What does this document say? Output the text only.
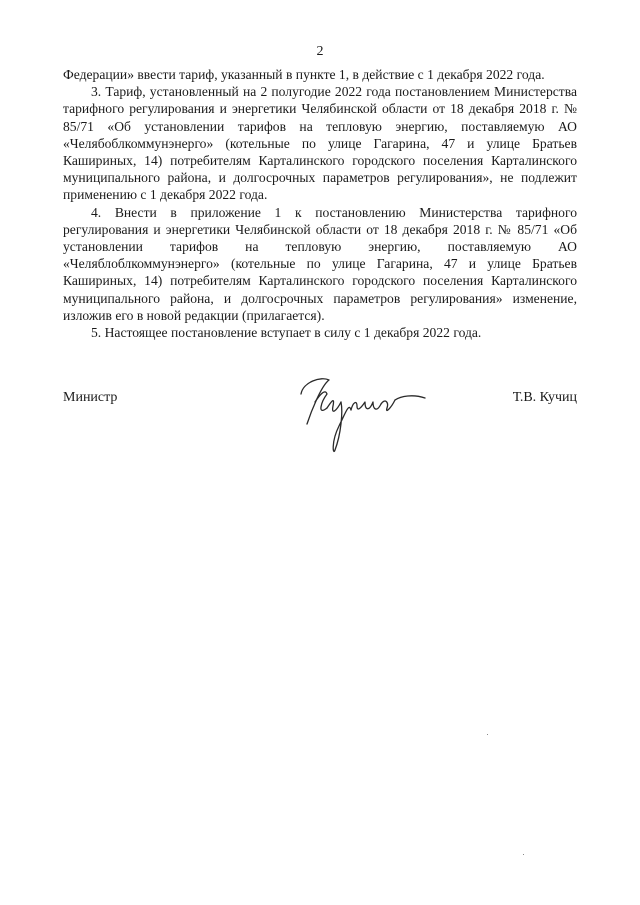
2

Федерации» ввести тариф, указанный в пункте 1, в действие с 1 декабря 2022 года.

3. Тариф, установленный на 2 полугодие 2022 года постановлением Министерства тарифного регулирования и энергетики Челябинской области от 18 декабря 2018 г. № 85/71 «Об установлении тарифов на тепловую энергию, поставляемую АО «Челябоблкоммунэнерго» (котельные по улице Гагарина, 47 и улице Братьев Кашириных, 14) потребителям Карталинского городского поселения Карталинского муниципального района, и долгосрочных параметров регулирования», не подлежит применению с 1 декабря 2022 года.

4. Внести в приложение 1 к постановлению Министерства тарифного регулирования и энергетики Челябинской области от 18 декабря 2018 г. № 85/71 «Об установлении тарифов на тепловую энергию, поставляемую АО «Челяблоблкоммунэнерго» (котельные по улице Гагарина, 47 и улице Братьев Кашириных, 14) потребителям Карталинского городского поселения Карталинского муниципального района, и долгосрочных параметров регулирования» изменение, изложив его в новой редакции (прилагается).

5. Настоящее постановление вступает в силу с 1 декабря 2022 года.

Министр	Т.В. Кучиц
